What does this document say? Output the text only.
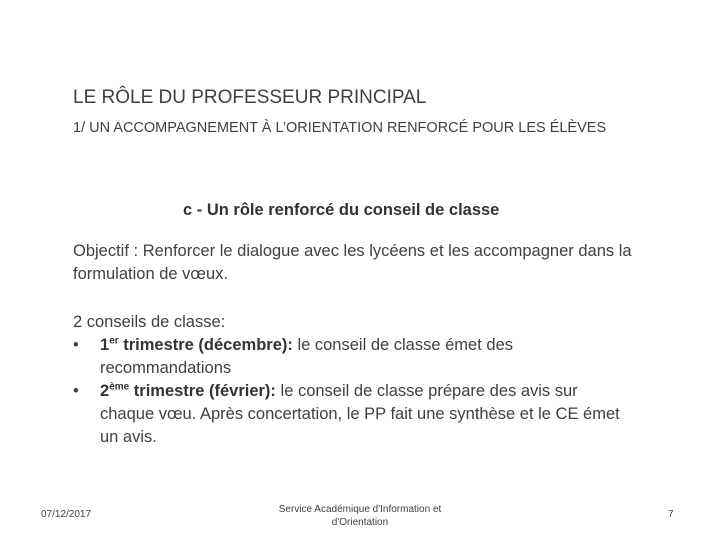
LE RÔLE DU PROFESSEUR PRINCIPAL
1/ UN ACCOMPAGNEMENT À L’ORIENTATION RENFORCÉ POUR LES ÉLÈVES
c - Un rôle renforcé du conseil de classe

Objectif : Renforcer le dialogue avec les lycéens et les accompagner dans la formulation de vœux.

2 conseils de classe:

• 1er trimestre (décembre): le conseil de classe émet des recommandations
• 2ème trimestre (février): le conseil de classe prépare des avis sur chaque vœu. Après concertation, le PP fait une synthèse et le CE émet un avis.
07/12/2017	Service Académique d'Information et
d'Orientation
7
